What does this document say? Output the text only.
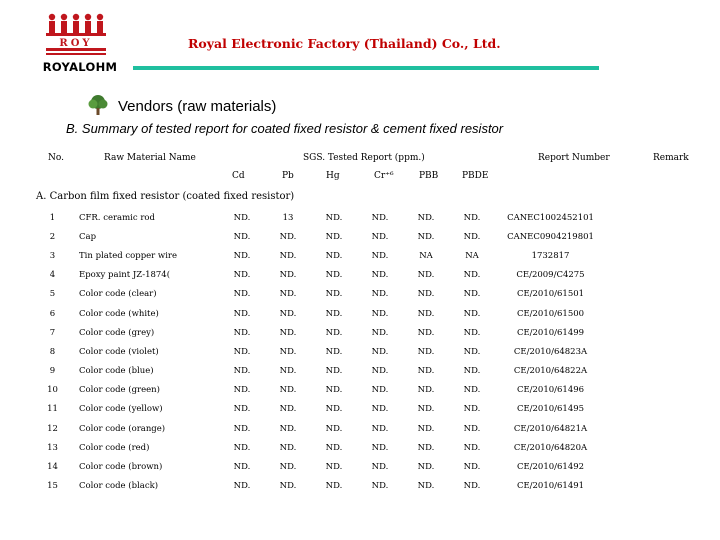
ROY
ROYALOHM
Royal Electronic Factory (Thailand) Co., Ltd.
Vendors (raw materials)
B. Summary of tested report for coated fixed resistor & cement fixed resistor
No.	Raw Material Name	SGS. Tested Report (ppm.)	Report Number	Remark
Cd	Pb	Hg	Cr⁺⁶	PBB	PBDE
A. Carbon film fixed resistor (coated fixed resistor)
1	CFR. ceramic rod	ND.	13	ND.	ND.	ND.	ND.	CANEC1002452101	
2	Cap	ND.	ND.	ND.	ND.	ND.	ND.	CANEC0904219801	
3	Tin plated copper wire	ND.	ND.	ND.	ND.	NA	NA	1732817	
4	Epoxy paint JZ-1874(	ND.	ND.	ND.	ND.	ND.	ND.	CE/2009/C4275	
5	Color code (clear)	ND.	ND.	ND.	ND.	ND.	ND.	CE/2010/61501	
6	Color code (white)	ND.	ND.	ND.	ND.	ND.	ND.	CE/2010/61500	
7	Color code (grey)	ND.	ND.	ND.	ND.	ND.	ND.	CE/2010/61499	
8	Color code (violet)	ND.	ND.	ND.	ND.	ND.	ND.	CE/2010/64823A	
9	Color code (blue)	ND.	ND.	ND.	ND.	ND.	ND.	CE/2010/64822A	
10	Color code (green)	ND.	ND.	ND.	ND.	ND.	ND.	CE/2010/61496	
11	Color code (yellow)	ND.	ND.	ND.	ND.	ND.	ND.	CE/2010/61495	
12	Color code (orange)	ND.	ND.	ND.	ND.	ND.	ND.	CE/2010/64821A	
13	Color code (red)	ND.	ND.	ND.	ND.	ND.	ND.	CE/2010/64820A	
14	Color code (brown)	ND.	ND.	ND.	ND.	ND.	ND.	CE/2010/61492	
15	Color code (black)	ND.	ND.	ND.	ND.	ND.	ND.	CE/2010/61491	
